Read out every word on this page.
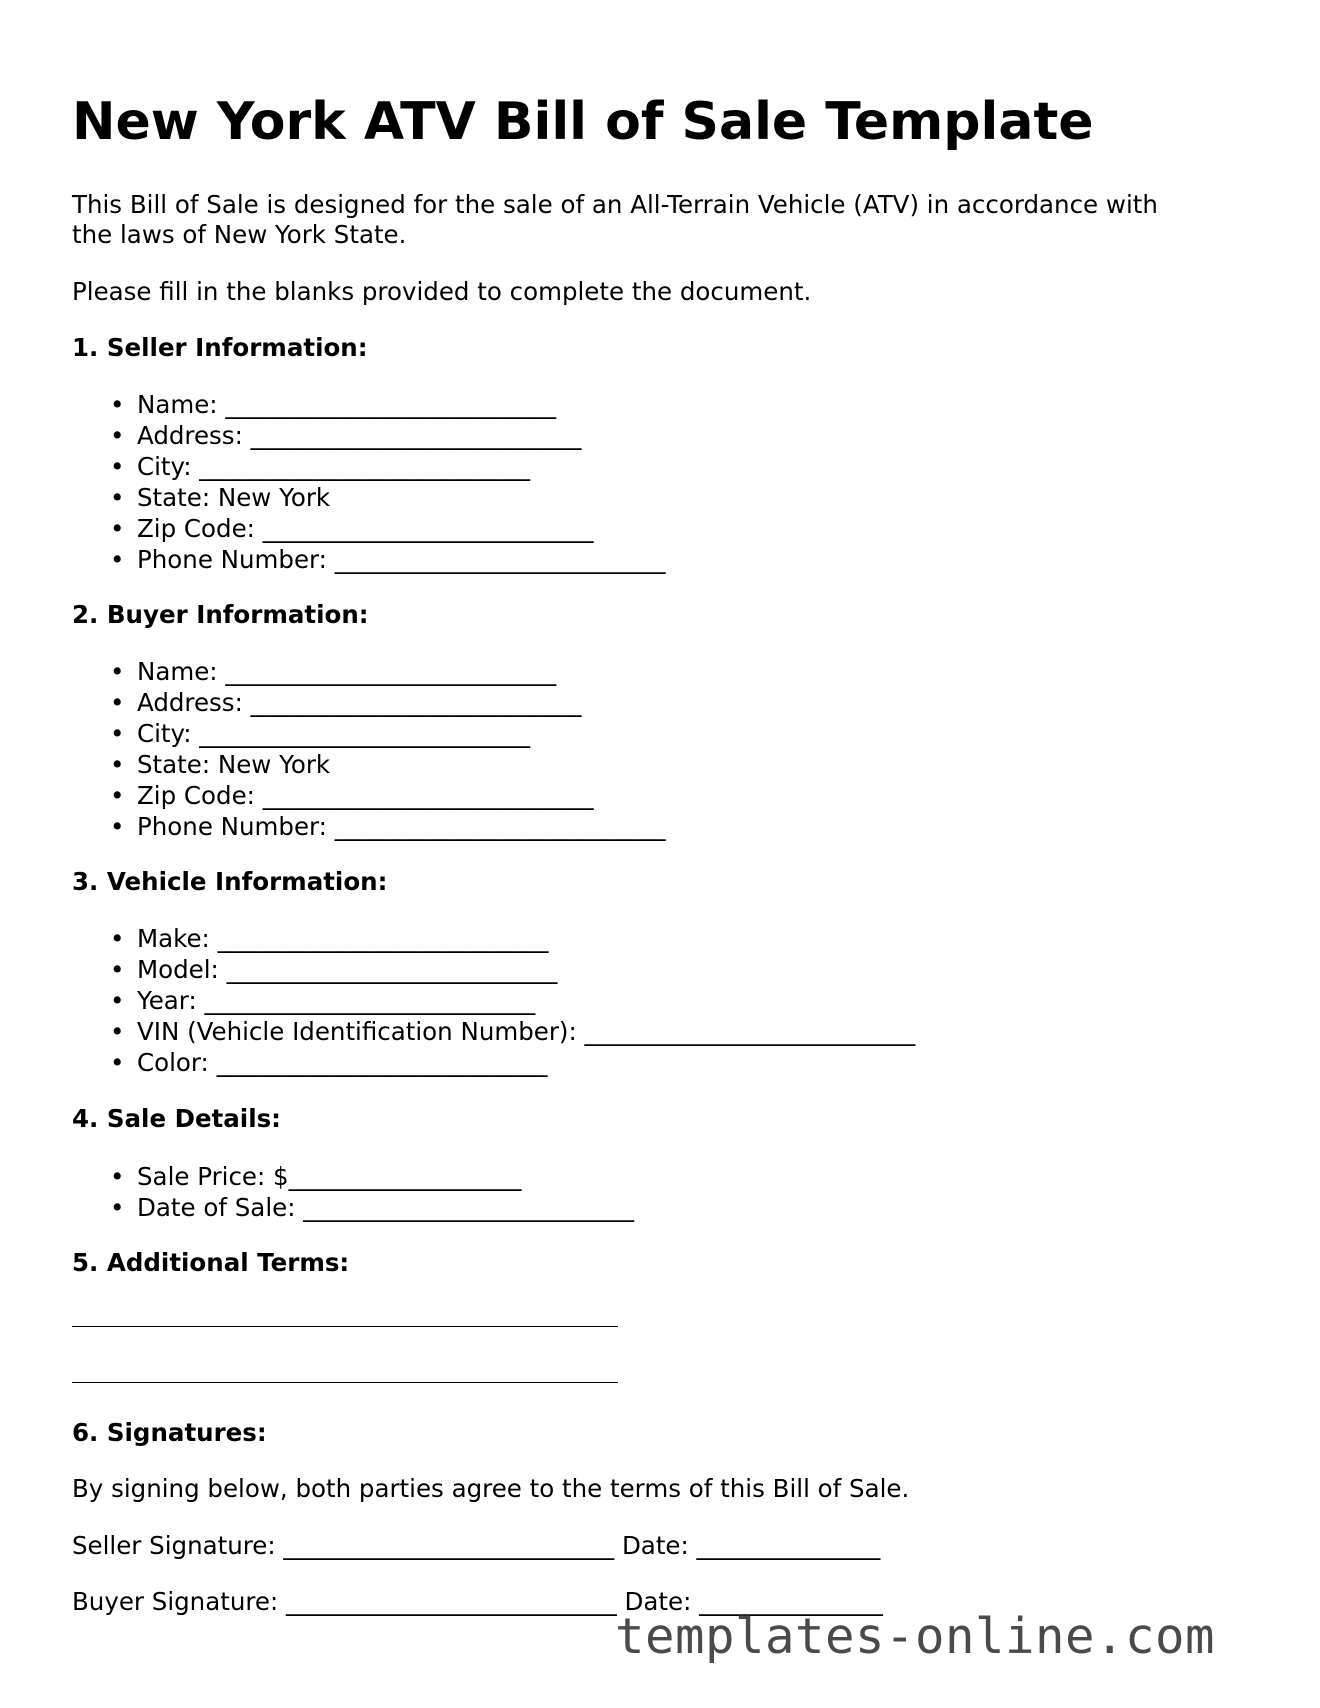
New York ATV Bill of Sale Template
This Bill of Sale is designed for the sale of an All-Terrain Vehicle (ATV) in accordance with
the laws of New York State.
Please fill in the blanks provided to complete the document.
1. Seller Information:
• Name: ___________________________
• Address: ___________________________
• City: ___________________________
• State: New York
• Zip Code: ___________________________
• Phone Number: ___________________________
2. Buyer Information:
• Name: ___________________________
• Address: ___________________________
• City: ___________________________
• State: New York
• Zip Code: ___________________________
• Phone Number: ___________________________
3. Vehicle Information:
• Make: ___________________________
• Model: ___________________________
• Year: ___________________________
• VIN (Vehicle Identification Number): ___________________________
• Color: ___________________________
4. Sale Details:
• Sale Price: $___________________
• Date of Sale: ___________________________
5. Additional Terms:
6. Signatures:
By signing below, both parties agree to the terms of this Bill of Sale.
Seller Signature: ___________________________ Date: _______________
Buyer Signature: ___________________________ Date: _______________
templates-online.com
